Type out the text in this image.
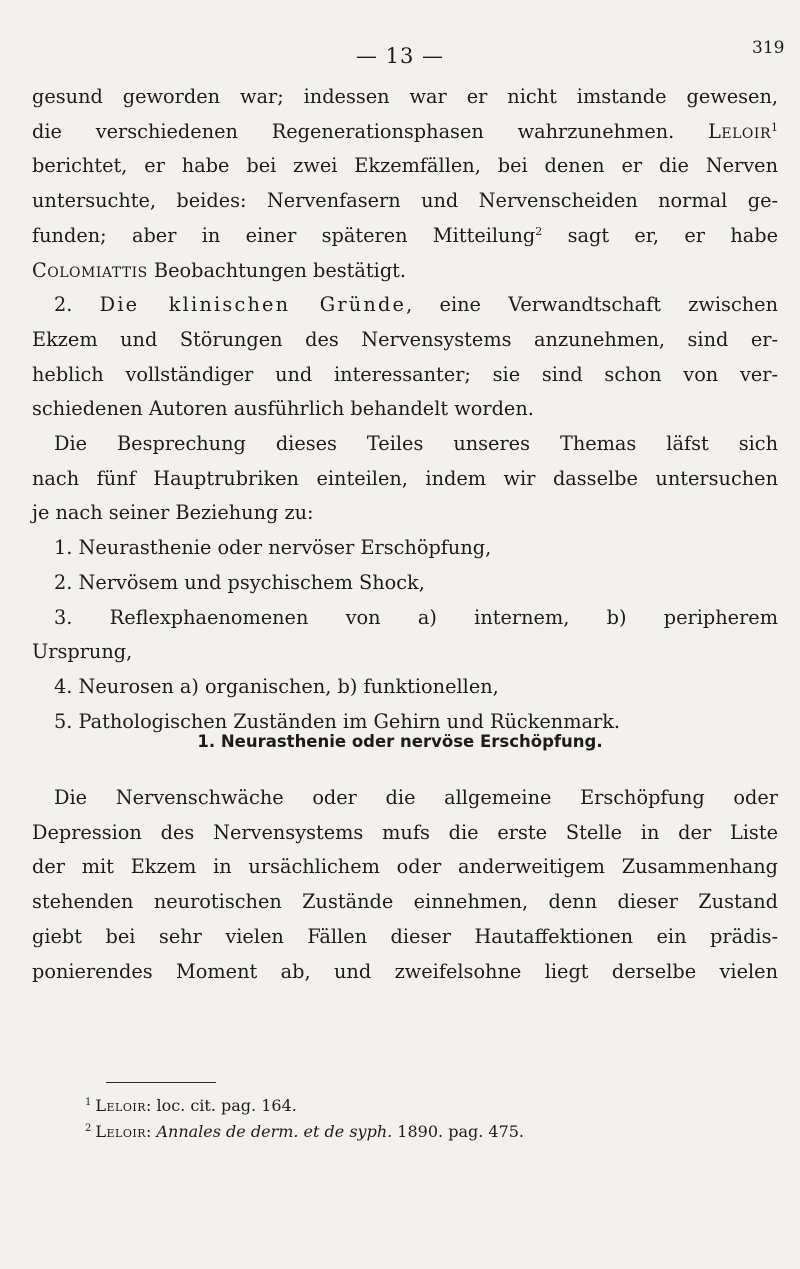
— 13 —	319
gesund geworden war; indessen war er nicht imstande gewesen,
die verschiedenen Regenerationsphasen wahrzunehmen. Leloir$^1$
berichtet, er habe bei zwei Ekzemfällen, bei denen er die Nerven
untersuchte, beides: Nervenfasern und Nervenscheiden normal ge-
funden; aber in einer späteren Mitteilung$^2$ sagt er, er habe
Colomiattis Beobachtungen bestätigt.
2. Die klinischen Gründe, eine Verwandtschaft zwischen
Ekzem und Störungen des Nervensystems anzunehmen, sind er-
heblich vollständiger und interessanter; sie sind schon von ver-
schiedenen Autoren ausführlich behandelt worden.
Die Besprechung dieses Teiles unseres Themas läfst sich
nach fünf Hauptrubriken einteilen, indem wir dasselbe untersuchen
je nach seiner Beziehung zu:
1. Neurasthenie oder nervöser Erschöpfung,
2. Nervösem und psychischem Shock,
3. Reflexphaenomenen von a) internem, b) peripherem
Ursprung,
4. Neurosen a) organischen, b) funktionellen,
5. Pathologischen Zuständen im Gehirn und Rückenmark.
1. Neurasthenie oder nervöse Erschöpfung.
Die Nervenschwäche oder die allgemeine Erschöpfung oder
Depression des Nervensystems mufs die erste Stelle in der Liste
der mit Ekzem in ursächlichem oder anderweitigem Zusammenhang
stehenden neurotischen Zustände einnehmen, denn dieser Zustand
giebt bei sehr vielen Fällen dieser Hautaffektionen ein prädis-
ponierendes Moment ab, und zweifelsohne liegt derselbe vielen
$^1$ Leloir: loc. cit. pag. 164.
$^2$ Leloir: Annales de derm. et de syph. 1890. pag. 475.
